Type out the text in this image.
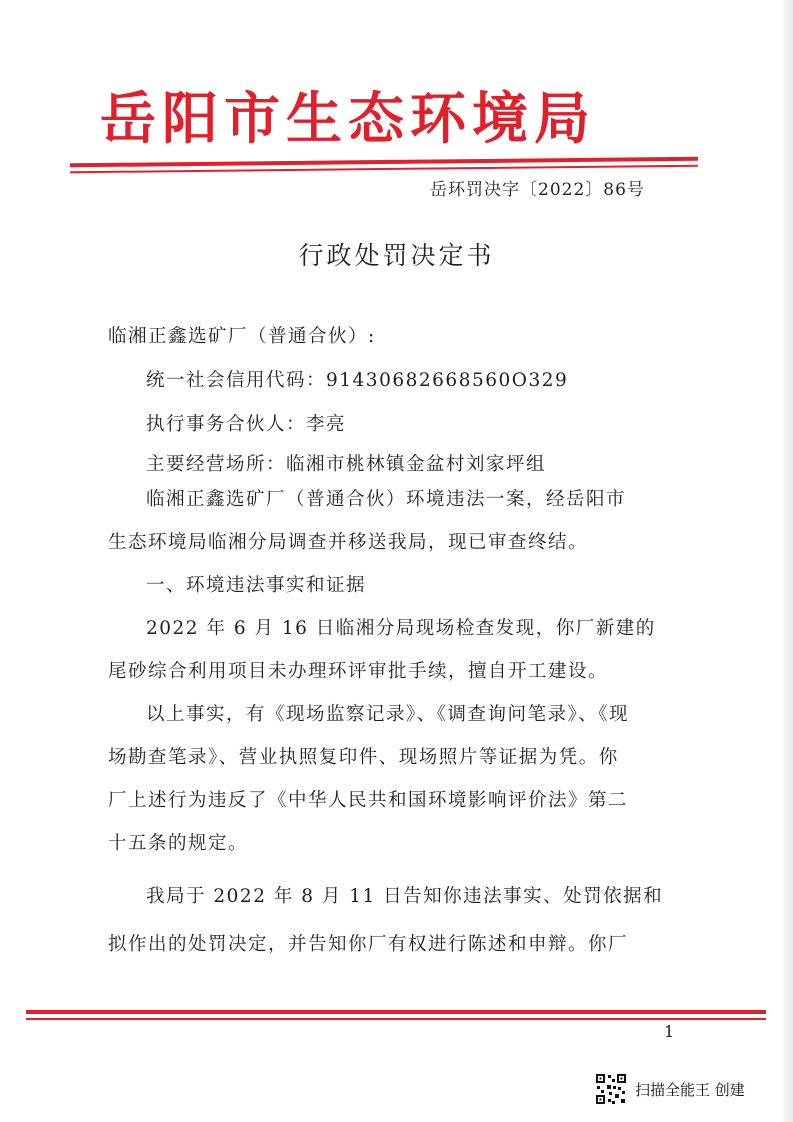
岳阳市生态环境局
岳环罚决字〔2022〕86号
行政处罚决定书
临湘正鑫选矿厂（普通合伙）:
统一社会信用代码：91430682668560O329
执行事务合伙人：李亮
主要经营场所：临湘市桃林镇金盆村刘家坪组
临湘正鑫选矿厂（普通合伙）环境违法一案，经岳阳市
生态环境局临湘分局调查并移送我局，现已审查终结。
一、环境违法事实和证据
2022 年 6 月 16 日临湘分局现场检查发现，你厂新建的
尾砂综合利用项目未办理环评审批手续，擅自开工建设。
以上事实，有《现场监察记录》、《调查询问笔录》、《现
场勘查笔录》、营业执照复印件、现场照片等证据为凭。你
厂上述行为违反了《中华人民共和国环境影响评价法》第二
十五条的规定。
我局于 2022 年 8 月 11 日告知你违法事实、处罚依据和
拟作出的处罚决定，并告知你厂有权进行陈述和申辩。你厂
1
扫描全能王 创建
